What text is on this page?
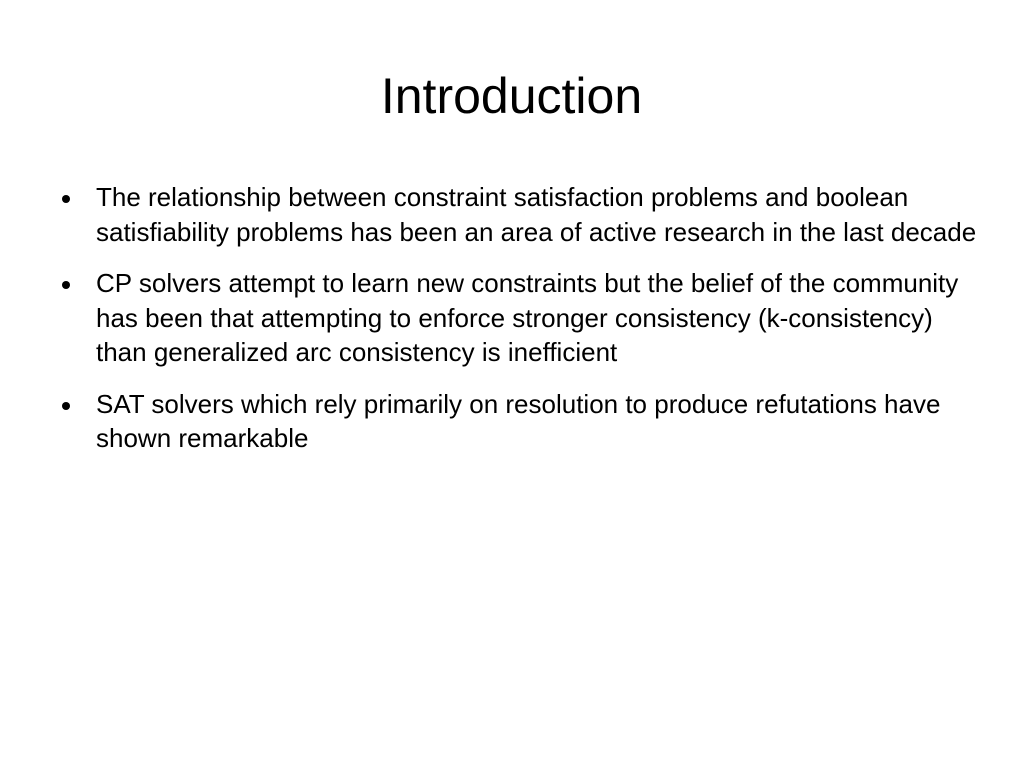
Introduction
The relationship between constraint satisfaction problems and boolean satisfiability problems has been an area of active research in the last decade
CP solvers attempt to learn new constraints but the belief of the community has been that attempting to enforce stronger consistency (k-consistency) than generalized arc consistency is inefficient
SAT solvers which rely primarily on resolution to produce refutations have shown remarkable
